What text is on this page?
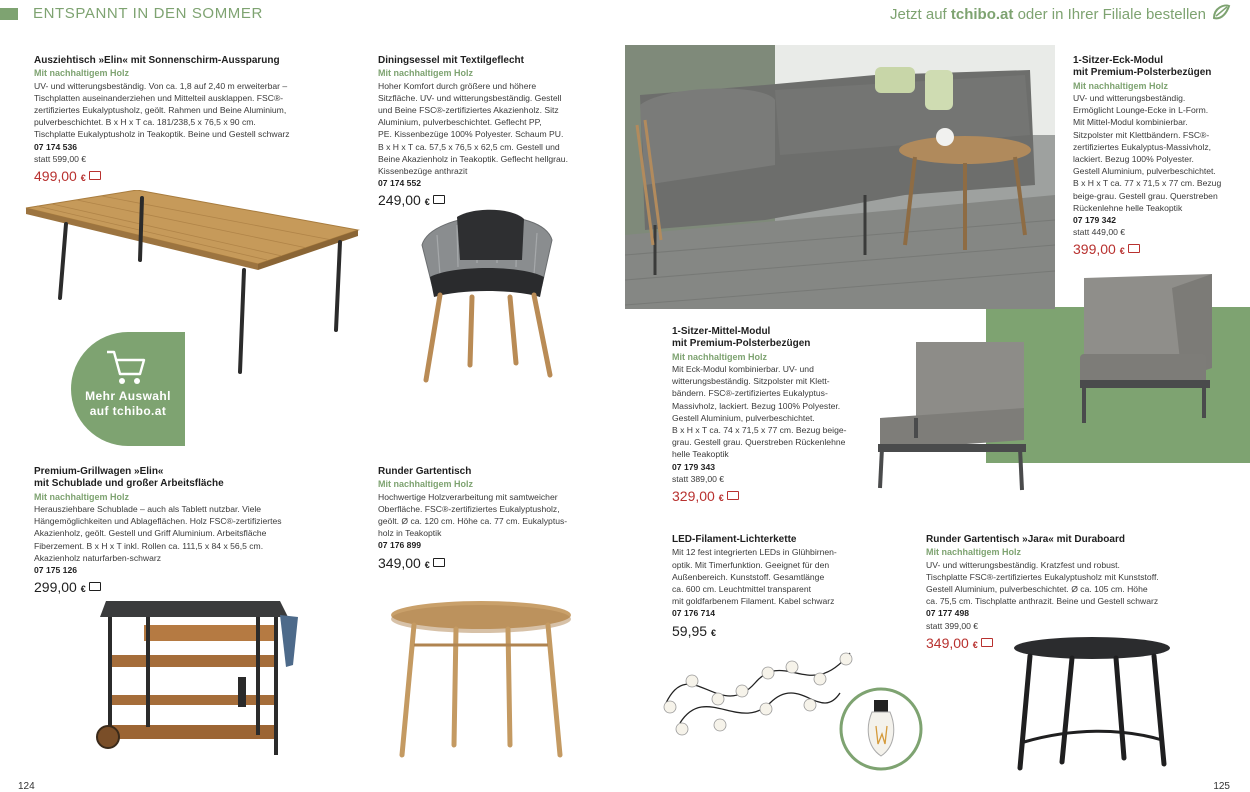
ENTSPANNT IN DEN SOMMER	Jetzt auf tchibo.at oder in Ihrer Filiale bestellen
Ausziehtisch »Elin« mit Sonnenschirm-Aussparung
Mit nachhaltigem Holz
UV- und witterungsbeständig. Von ca. 1,8 auf 2,40 m erweiterbar –
Tischplatten auseinanderziehen und Mittelteil ausklappen. FSC®-
zertifiziertes Eukalyptusholz, geölt. Rahmen und Beine Aluminium,
pulverbeschichtet. B x H x T ca. 181/238,5 x 76,5 x 90 cm.
Tischplatte Eukalyptusholz in Teakoptik. Beine und Gestell schwarz
07 174 536
statt 599,00 €
499,00 €
Diningsessel mit Textilgeflecht
Mit nachhaltigem Holz
Hoher Komfort durch größere und höhere
Sitzfläche. UV- und witterungsbeständig. Gestell
und Beine FSC®-zertifiziertes Akazienholz. Sitz
Aluminium, pulverbeschichtet. Geflecht PP,
PE. Kissenbezüge 100% Polyester. Schaum PU.
B x H x T ca. 57,5 x 76,5 x 62,5 cm. Gestell und
Beine Akazienholz in Teakoptik. Geflecht hellgrau.
Kissenbezüge anthrazit
07 174 552
249,00 €
1-Sitzer-Eck-Modul
mit Premium-Polsterbezügen
Mit nachhaltigem Holz
UV- und witterungsbeständig.
Ermöglicht Lounge-Ecke in L-Form.
Mit Mittel-Modul kombinierbar.
Sitzpolster mit Klettbändern. FSC®-
zertifiziertes Eukalyptus-Massivholz,
lackiert. Bezug 100% Polyester.
Gestell Aluminium, pulverbeschichtet.
B x H x T ca. 77 x 71,5 x 77 cm. Bezug
beige-grau. Gestell grau. Querstreben
Rückenlehne helle Teakoptik
07 179 342
statt 449,00 €
399,00 €
1-Sitzer-Mittel-Modul
mit Premium-Polsterbezügen
Mit nachhaltigem Holz
Mit Eck-Modul kombinierbar. UV- und
witterungsbeständig. Sitzpolster mit Klett-
bändern. FSC®-zertifiziertes Eukalyptus-
Massivholz, lackiert. Bezug 100% Polyester.
Gestell Aluminium, pulverbeschichtet.
B x H x T ca. 74 x 71,5 x 77 cm. Bezug beige-
grau. Gestell grau. Querstreben Rückenlehne
helle Teakoptik
07 179 343
statt 389,00 €
329,00 €
Premium-Grillwagen »Elin«
mit Schublade und großer Arbeitsfläche
Mit nachhaltigem Holz
Herausziehbare Schublade – auch als Tablett nutzbar. Viele
Hängemöglichkeiten und Ablageflächen. Holz FSC®-zertifiziertes
Akazienholz, geölt. Gestell und Griff Aluminium. Arbeitsfläche
Fiberzement. B x H x T inkl. Rollen ca. 111,5 x 84 x 56,5 cm.
Akazienholz naturfarben-schwarz
07 175 126
299,00 €
Runder Gartentisch
Mit nachhaltigem Holz
Hochwertige Holzverarbeitung mit samtweicher
Oberfläche. FSC®-zertifiziertes Eukalyptusholz,
geölt. Ø ca. 120 cm. Höhe ca. 77 cm. Eukalyptus-
holz in Teakoptik
07 176 899
349,00 €
LED-Filament-Lichterkette
Mit 12 fest integrierten LEDs in Glühbirnen-
optik. Mit Timerfunktion. Geeignet für den
Außenbereich. Kunststoff. Gesamtlänge
ca. 600 cm. Leuchtmittel transparent
mit goldfarbenem Filament. Kabel schwarz
07 176 714
59,95 €
Runder Gartentisch »Jara« mit Duraboard
Mit nachhaltigem Holz
UV- und witterungsbeständig. Kratzfest und robust.
Tischplatte FSC®-zertifiziertes Eukalyptusholz mit Kunststoff.
Gestell Aluminium, pulverbeschichtet. Ø ca. 105 cm. Höhe
ca. 75,5 cm. Tischplatte anthrazit. Beine und Gestell schwarz
07 177 498
statt 399,00 €
349,00 €
Mehr Auswahl
auf tchibo.at
124	125
